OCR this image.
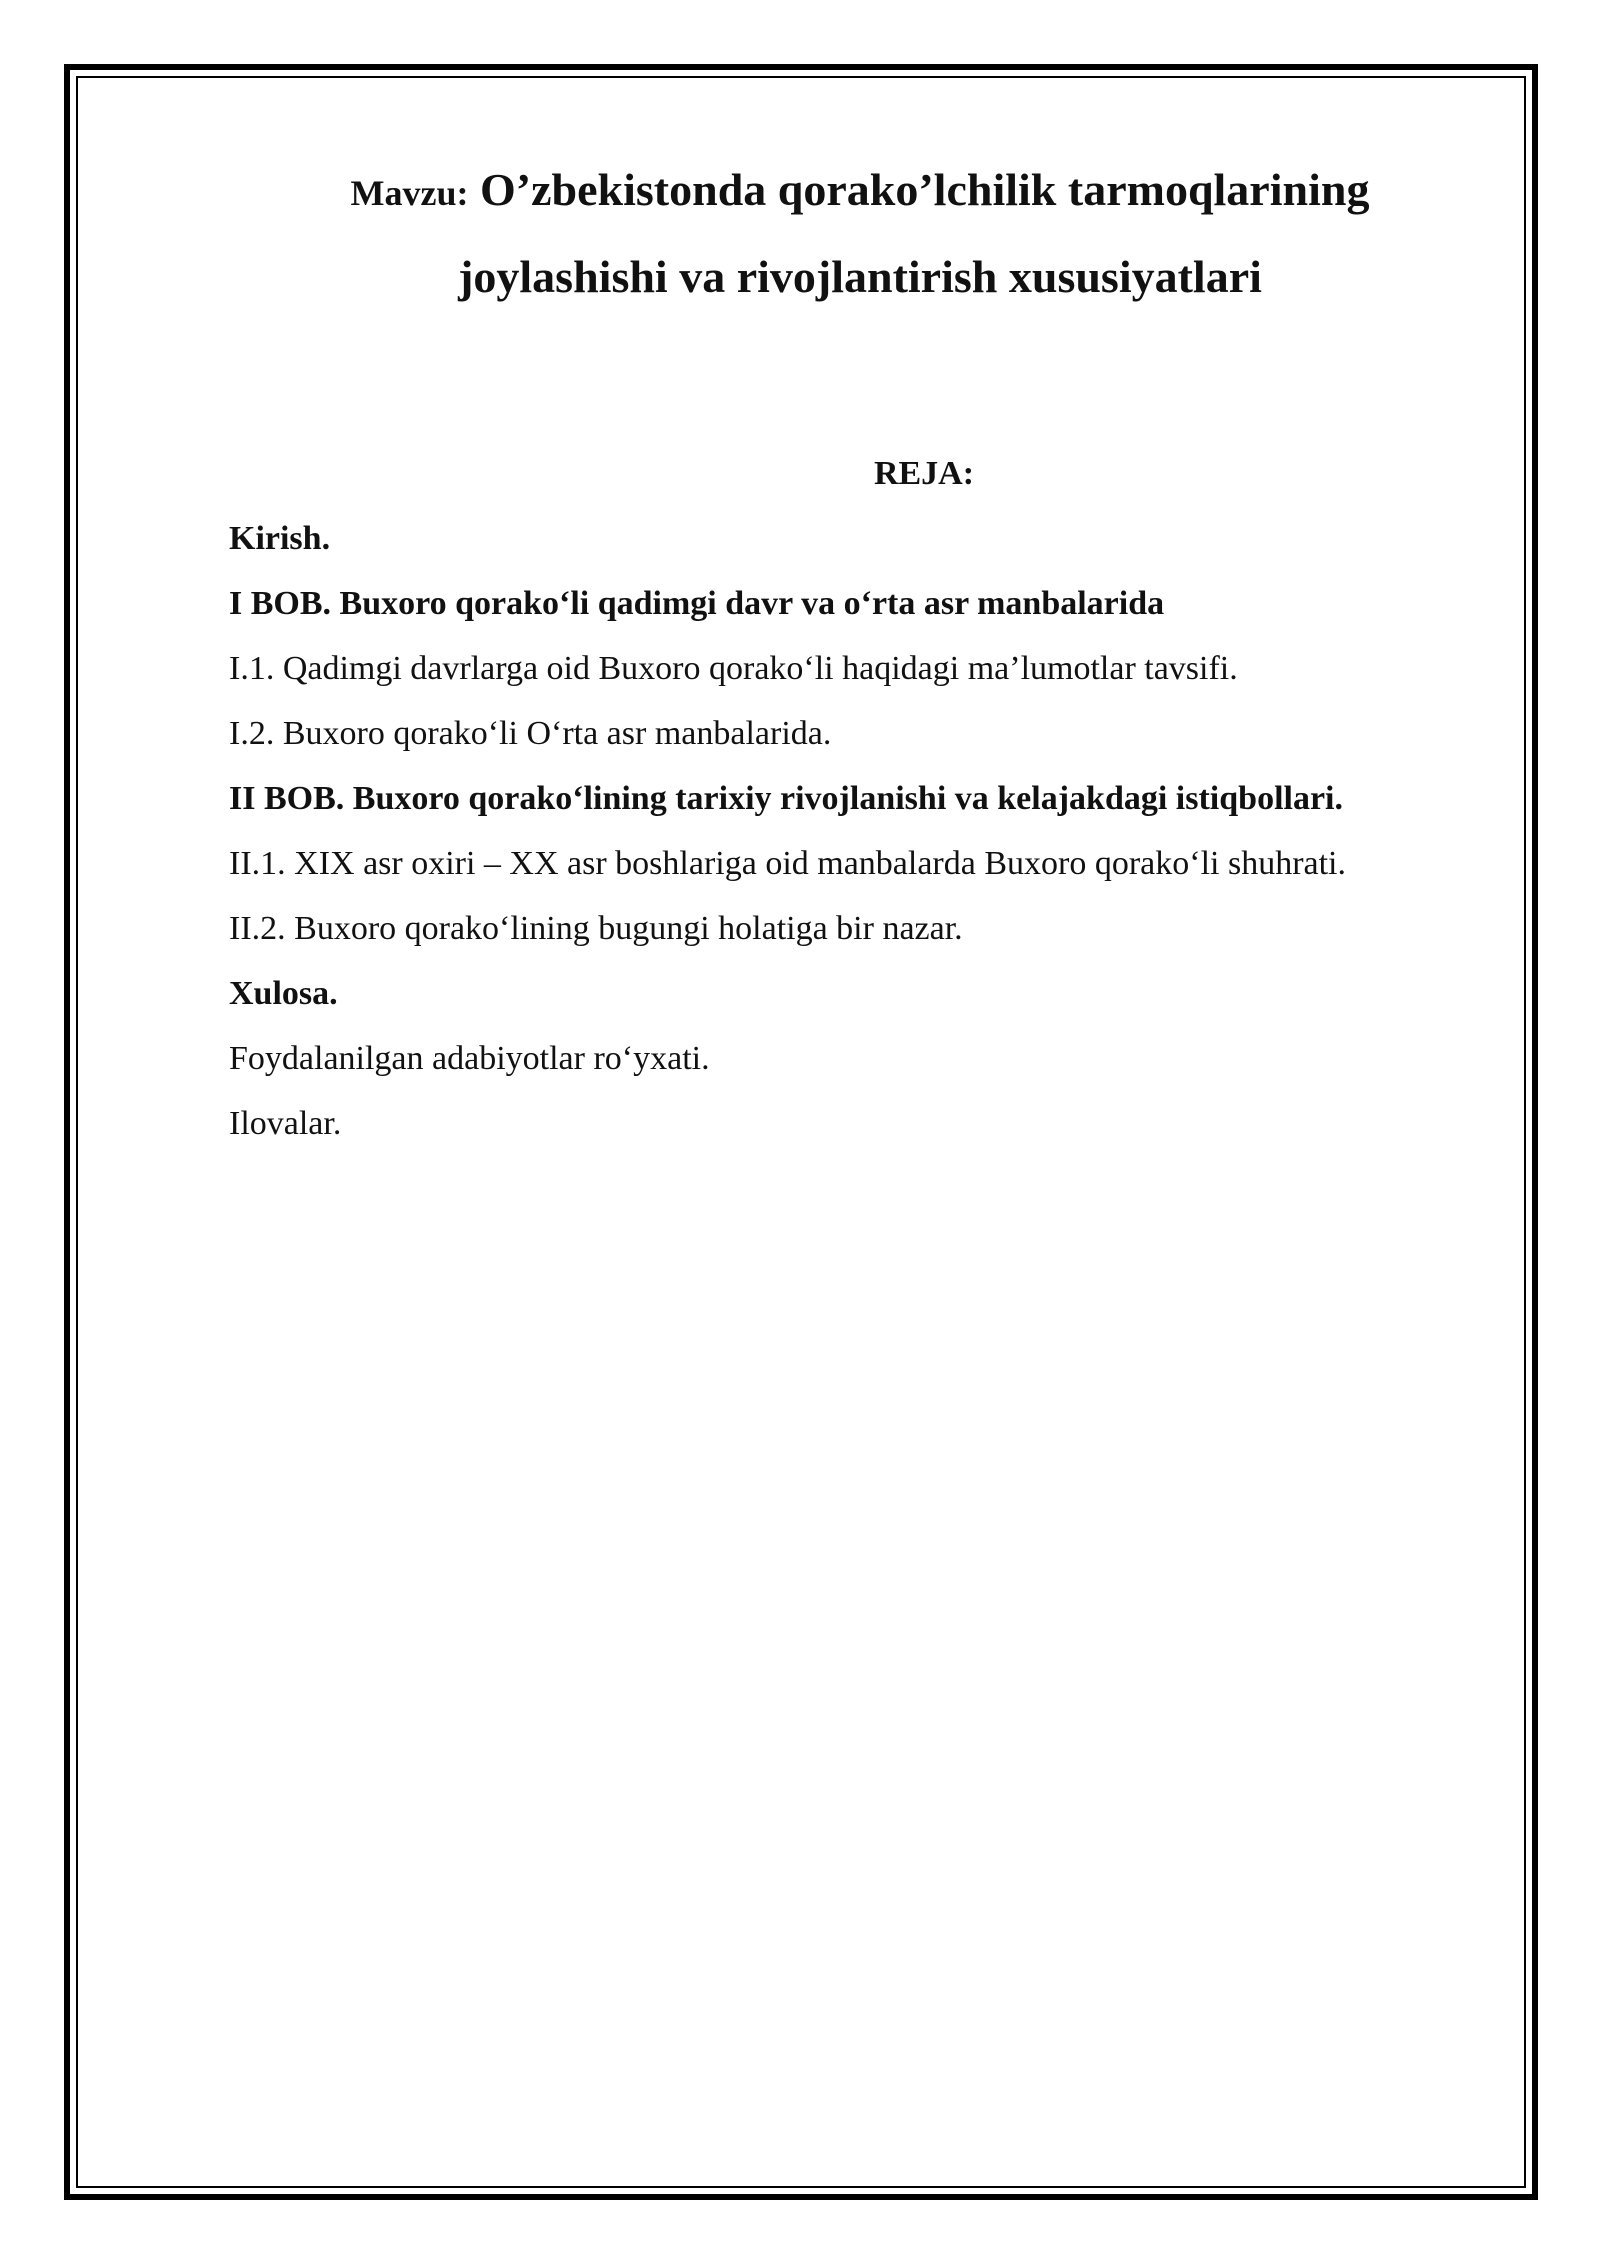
Mavzu: O’zbekistonda qorako’lchilik tarmoqlarining
joylashishi va rivojlantirish xususiyatlari
REJA:
Kirish.
I BOB. Buxoro qorakoʻli qadimgi davr va oʻrta asr manbalarida
I.1. Qadimgi davrlarga oid Buxoro qorakoʻli haqidagi ma’lumotlar tavsifi.
I.2. Buxoro qorakoʻli Oʻrta asr manbalarida.
II BOB. Buxoro qorakoʻlining tarixiy rivojlanishi va kelajakdagi istiqbollari.
II.1. XIX asr oxiri – XX asr boshlariga oid manbalarda Buxoro qorakoʻli shuhrati.
II.2. Buxoro qorakoʻlining bugungi holatiga bir nazar.
Xulosa.
Foydalanilgan adabiyotlar roʻyxati.
Ilovalar.
